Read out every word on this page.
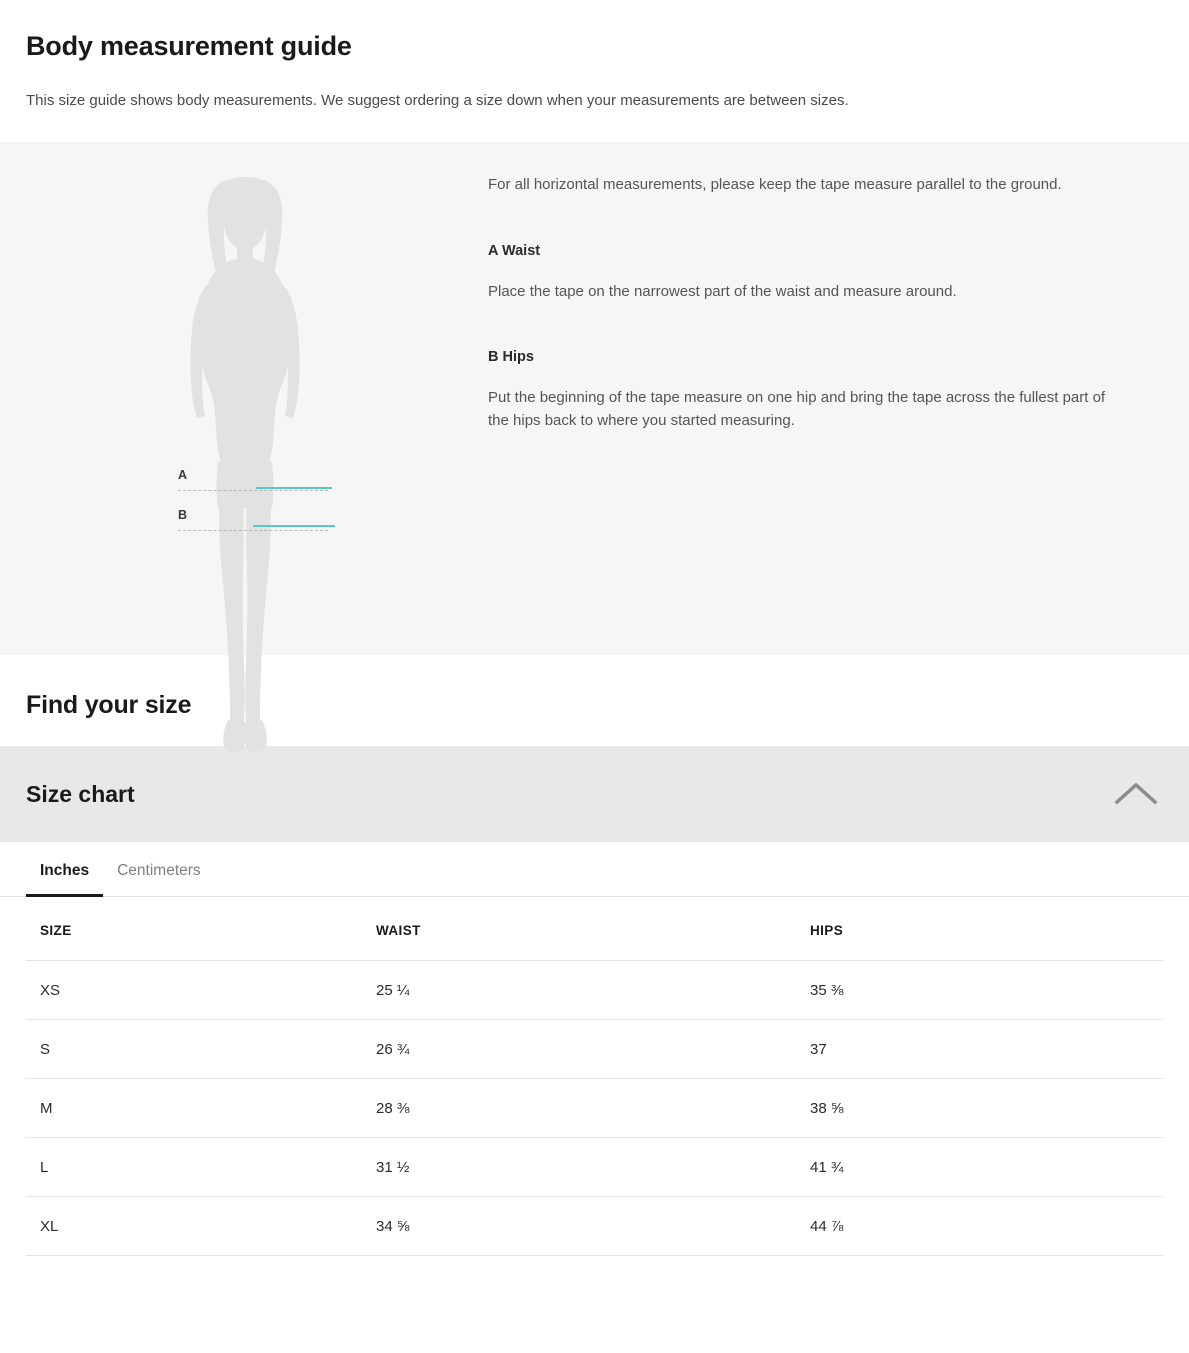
Body measurement guide

This size guide shows body measurements. We suggest ordering a size down when your measurements are between sizes.

A
B

For all horizontal measurements, please keep the tape measure parallel to the ground.

A Waist

Place the tape on the narrowest part of the waist and measure around.

B Hips

Put the beginning of the tape measure on one hip and bring the tape across the fullest part of the hips back to where you started measuring.

Find your size
Size chart
Inches	Centimeters
SIZE	WAIST	HIPS
XS	25 ¼	35 ⅜
S	26 ¾	37
M	28 ⅜	38 ⅝
L	31 ½	41 ¾
XL	34 ⅝	44 ⅞
